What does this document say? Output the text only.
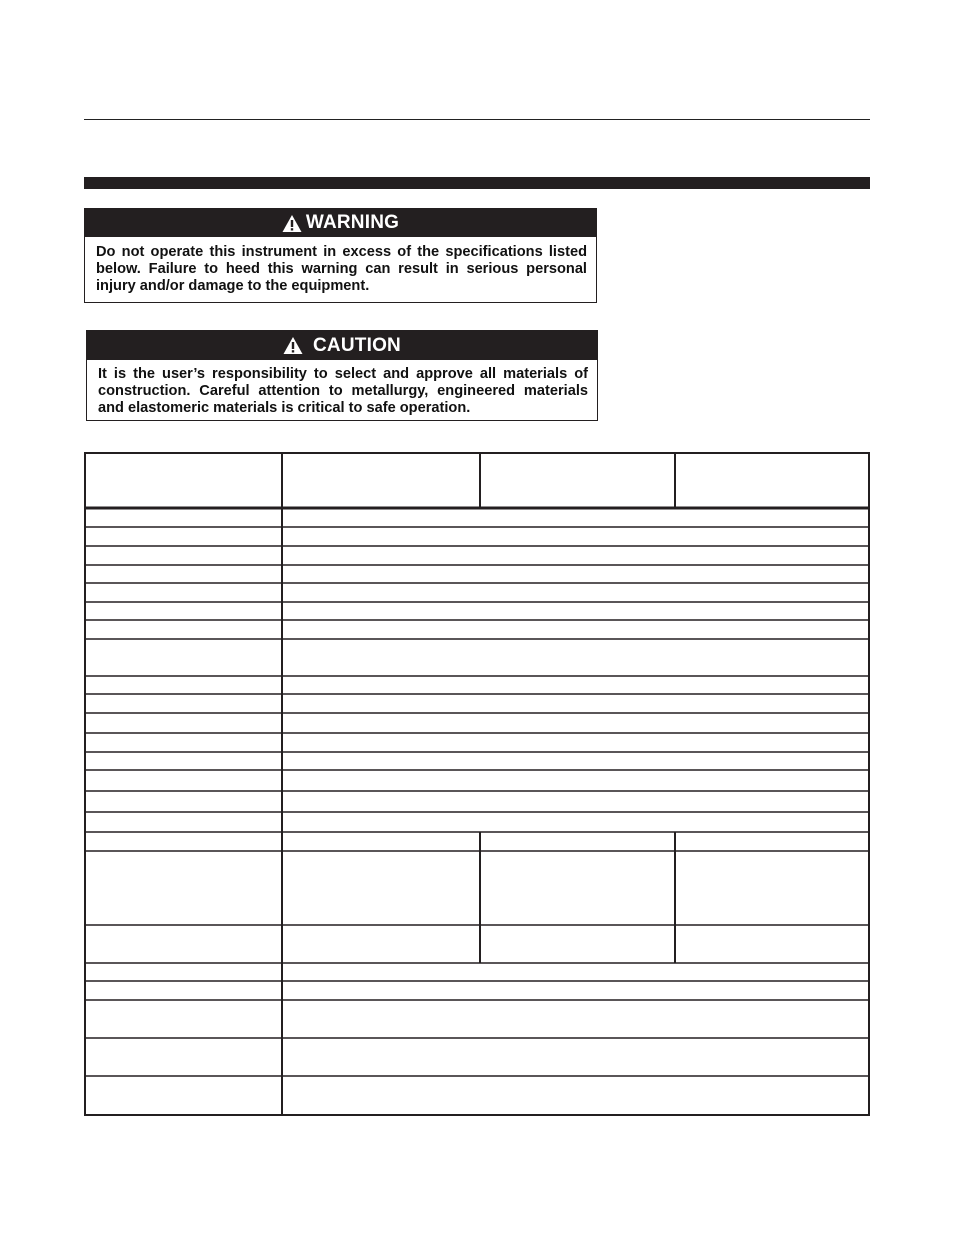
WARNING
Do not operate this instrument in excess of the specifications listed below. Failure to heed this warning can result in serious personal injury and/or damage to the equipment.
CAUTION
It is the user’s responsibility to select and approve all materials of construction. Careful attention to metallurgy, engineered materials and elastomeric materials is critical to safe operation.
